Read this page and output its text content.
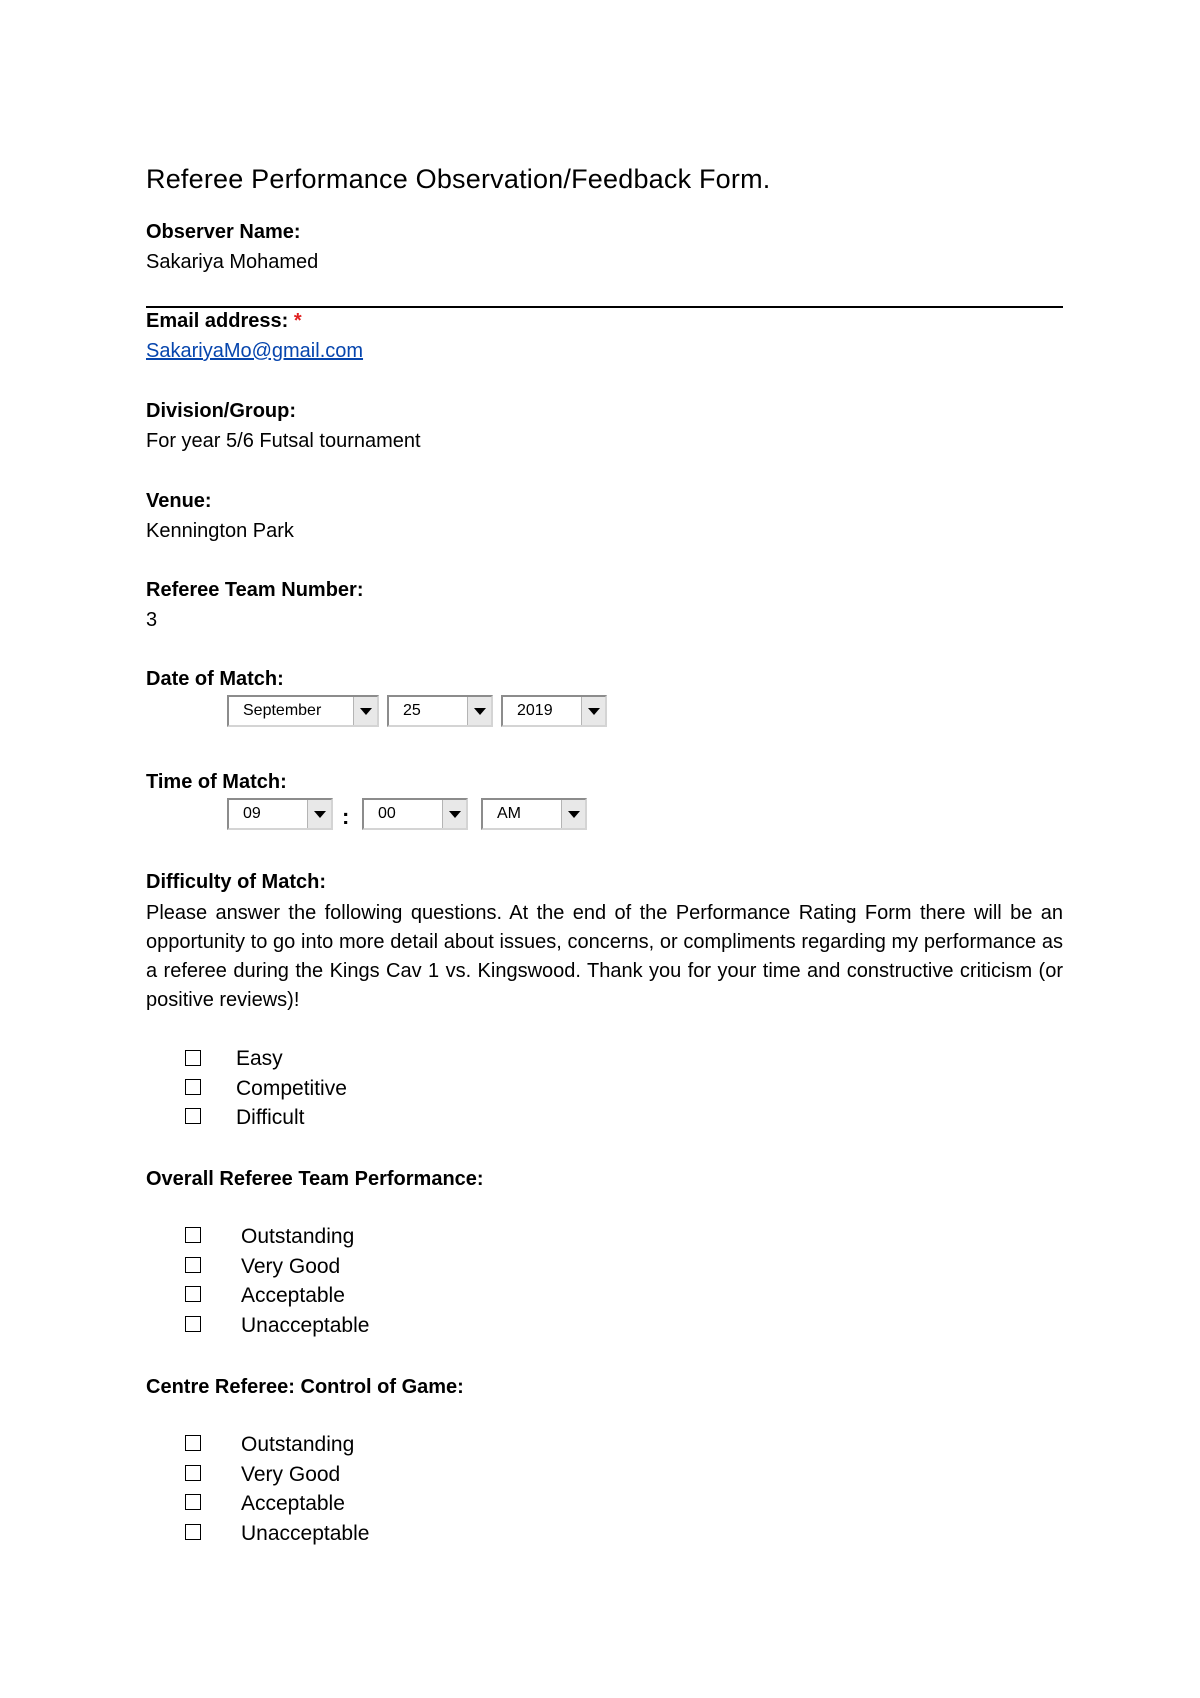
Referee Performance Observation/Feedback Form.
Observer Name:
Sakariya Mohamed
Email address: *
SakariyaMo@gmail.com
Division/Group:
For year 5/6 Futsal tournament
Venue:
Kennington Park
Referee Team Number:
3
Date of Match:
September	25	2019
Time of Match:
09	: 00	AM
Difficulty of Match:
Please answer the following questions. At the end of the Performance Rating Form there will be an opportunity to go into more detail about issues, concerns, or compliments regarding my performance as a referee during the Kings Cav 1 vs. Kingswood. Thank you for your time and constructive criticism (or positive reviews)!
Easy
Competitive
Difficult
Overall Referee Team Performance:
Outstanding
Very Good
Acceptable
Unacceptable
Centre Referee: Control of Game:
Outstanding
Very Good
Acceptable
Unacceptable
